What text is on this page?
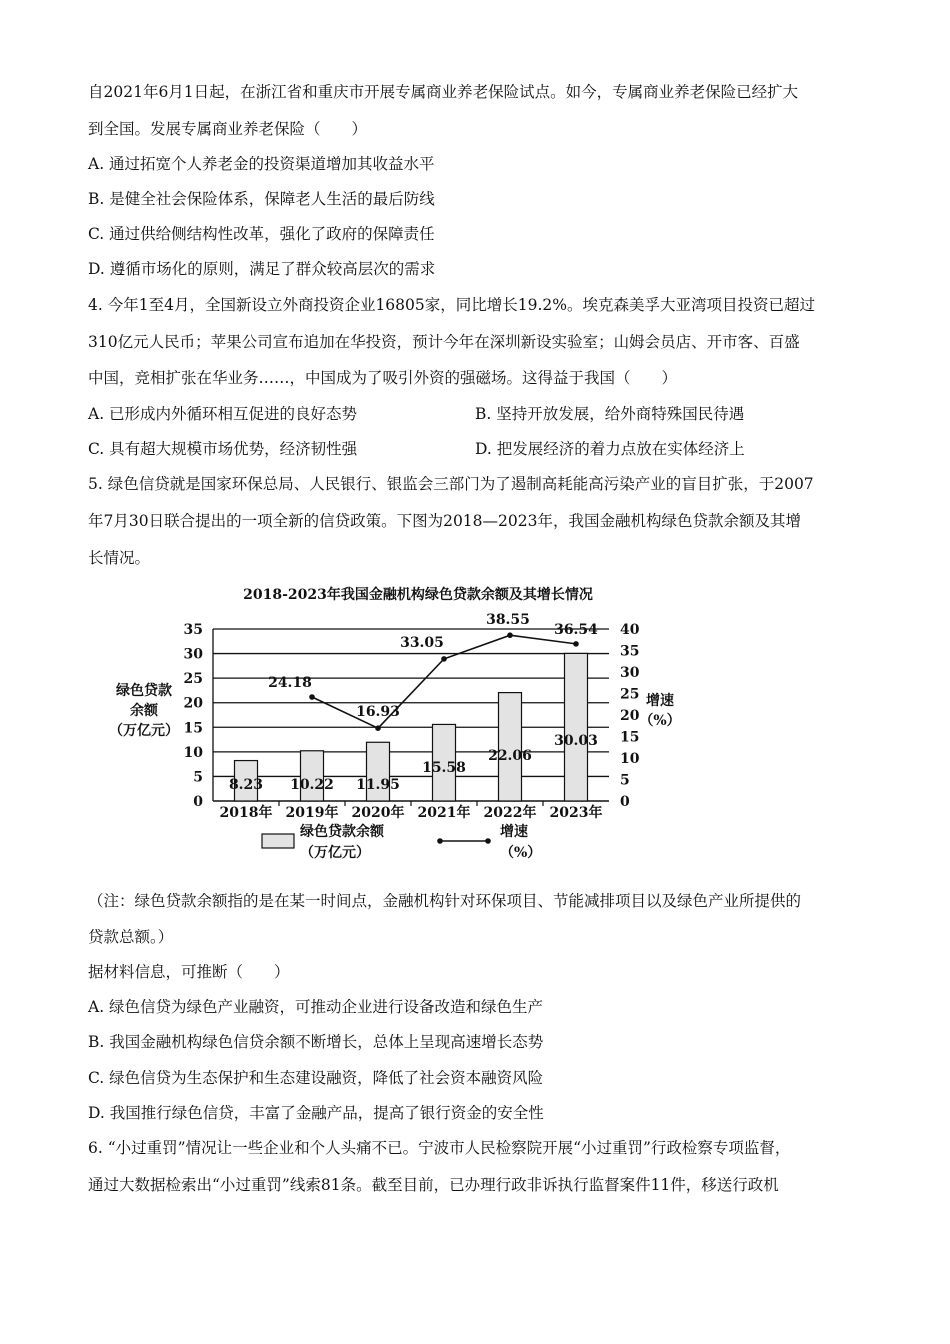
自2021年6月1日起，在浙江省和重庆市开展专属商业养老保险试点。如今，专属商业养老保险已经扩大
到全国。发展专属商业养老保险（　　）
A. 通过拓宽个人养老金的投资渠道增加其收益水平
B. 是健全社会保险体系，保障老人生活的最后防线
C. 通过供给侧结构性改革，强化了政府的保障责任
D. 遵循市场化的原则，满足了群众较高层次的需求
4. 今年1至4月，全国新设立外商投资企业16805家，同比增长19.2%。埃克森美孚大亚湾项目投资已超过
310亿元人民币；苹果公司宣布追加在华投资，预计今年在深圳新设实验室；山姆会员店、开市客、百盛
中国，竞相扩张在华业务……，中国成为了吸引外资的强磁场。这得益于我国（　　）
A. 已形成内外循环相互促进的良好态势	B. 坚持开放发展，给外商特殊国民待遇
C. 具有超大规模市场优势，经济韧性强	D. 把发展经济的着力点放在实体经济上
5. 绿色信贷就是国家环保总局、人民银行、银监会三部门为了遏制高耗能高污染产业的盲目扩张，于2007
年7月30日联合提出的一项全新的信贷政策。下图为2018—2023年，我国金融机构绿色贷款余额及其增
长情况。
2018-2023年我国金融机构绿色贷款余额及其增长情况
8.23 10.22 11.95
15.58
22.06
30.03
24.18
16.93
33.05
38.55
36.54
0
5
10
15
20
25
30
35
0
5
10
15
20
25
30
35
40
2018年 2019年 2020年 2021年 2022年 2023年
绿色贷款
余额
（万亿元）
增速
（%）
绿色贷款余额
（万亿元）
增速
（%）
（注：绿色贷款余额指的是在某一时间点，金融机构针对环保项目、节能减排项目以及绿色产业所提供的
贷款总额。）
据材料信息，可推断（　　）
A. 绿色信贷为绿色产业融资，可推动企业进行设备改造和绿色生产
B. 我国金融机构绿色信贷余额不断增长，总体上呈现高速增长态势
C. 绿色信贷为生态保护和生态建设融资，降低了社会资本融资风险
D. 我国推行绿色信贷，丰富了金融产品，提高了银行资金的安全性
6. “小过重罚”情况让一些企业和个人头痛不已。宁波市人民检察院开展“小过重罚”行政检察专项监督，
通过大数据检索出“小过重罚”线索81条。截至目前，已办理行政非诉执行监督案件11件，移送行政机
